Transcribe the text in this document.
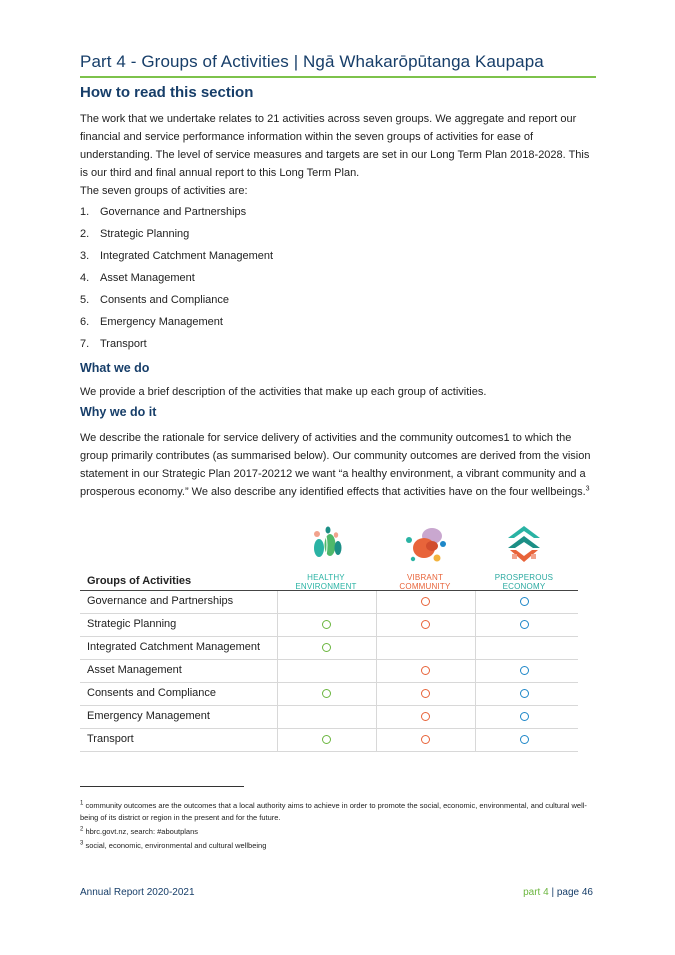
Part 4 - Groups of Activities | Ngā Whakarōpūtanga Kaupapa
How to read this section
The work that we undertake relates to 21 activities across seven groups. We aggregate and report our financial and service performance information within the seven groups of activities for ease of understanding. The level of service measures and targets are set in our Long Term Plan 2018-2028. This is our third and final annual report to this Long Term Plan.
The seven groups of activities are:
1. Governance and Partnerships
2. Strategic Planning
3. Integrated Catchment Management
4. Asset Management
5. Consents and Compliance
6. Emergency Management
7. Transport
What we do
We provide a brief description of the activities that make up each group of activities.
Why we do it
We describe the rationale for service delivery of activities and the community outcomes1 to which the group primarily contributes (as summarised below). Our community outcomes are derived from the vision statement in our Strategic Plan 2017-20212 we want “a healthy environment, a vibrant community and a prosperous economy.” We also describe any identified effects that activities have on the four wellbeings.$^3$
Groups of Activities	HEALTHY
ENVIRONMENT
VIBRANT
COMMUNITY
PROSPEROUS
ECONOMY
Governance and Partnerships
Strategic Planning
Integrated Catchment Management
Asset Management
Consents and Compliance
Emergency Management
Transport
$^1$ community outcomes are the outcomes that a local authority aims to achieve in order to promote the social, economic, environmental, and cultural well-being of its district or region in the present and for the future.
$^2$ hbrc.govt.nz, search: #aboutplans
$^3$ social, economic, environmental and cultural wellbeing
Annual Report 2020-2021	part 4 | page 46
